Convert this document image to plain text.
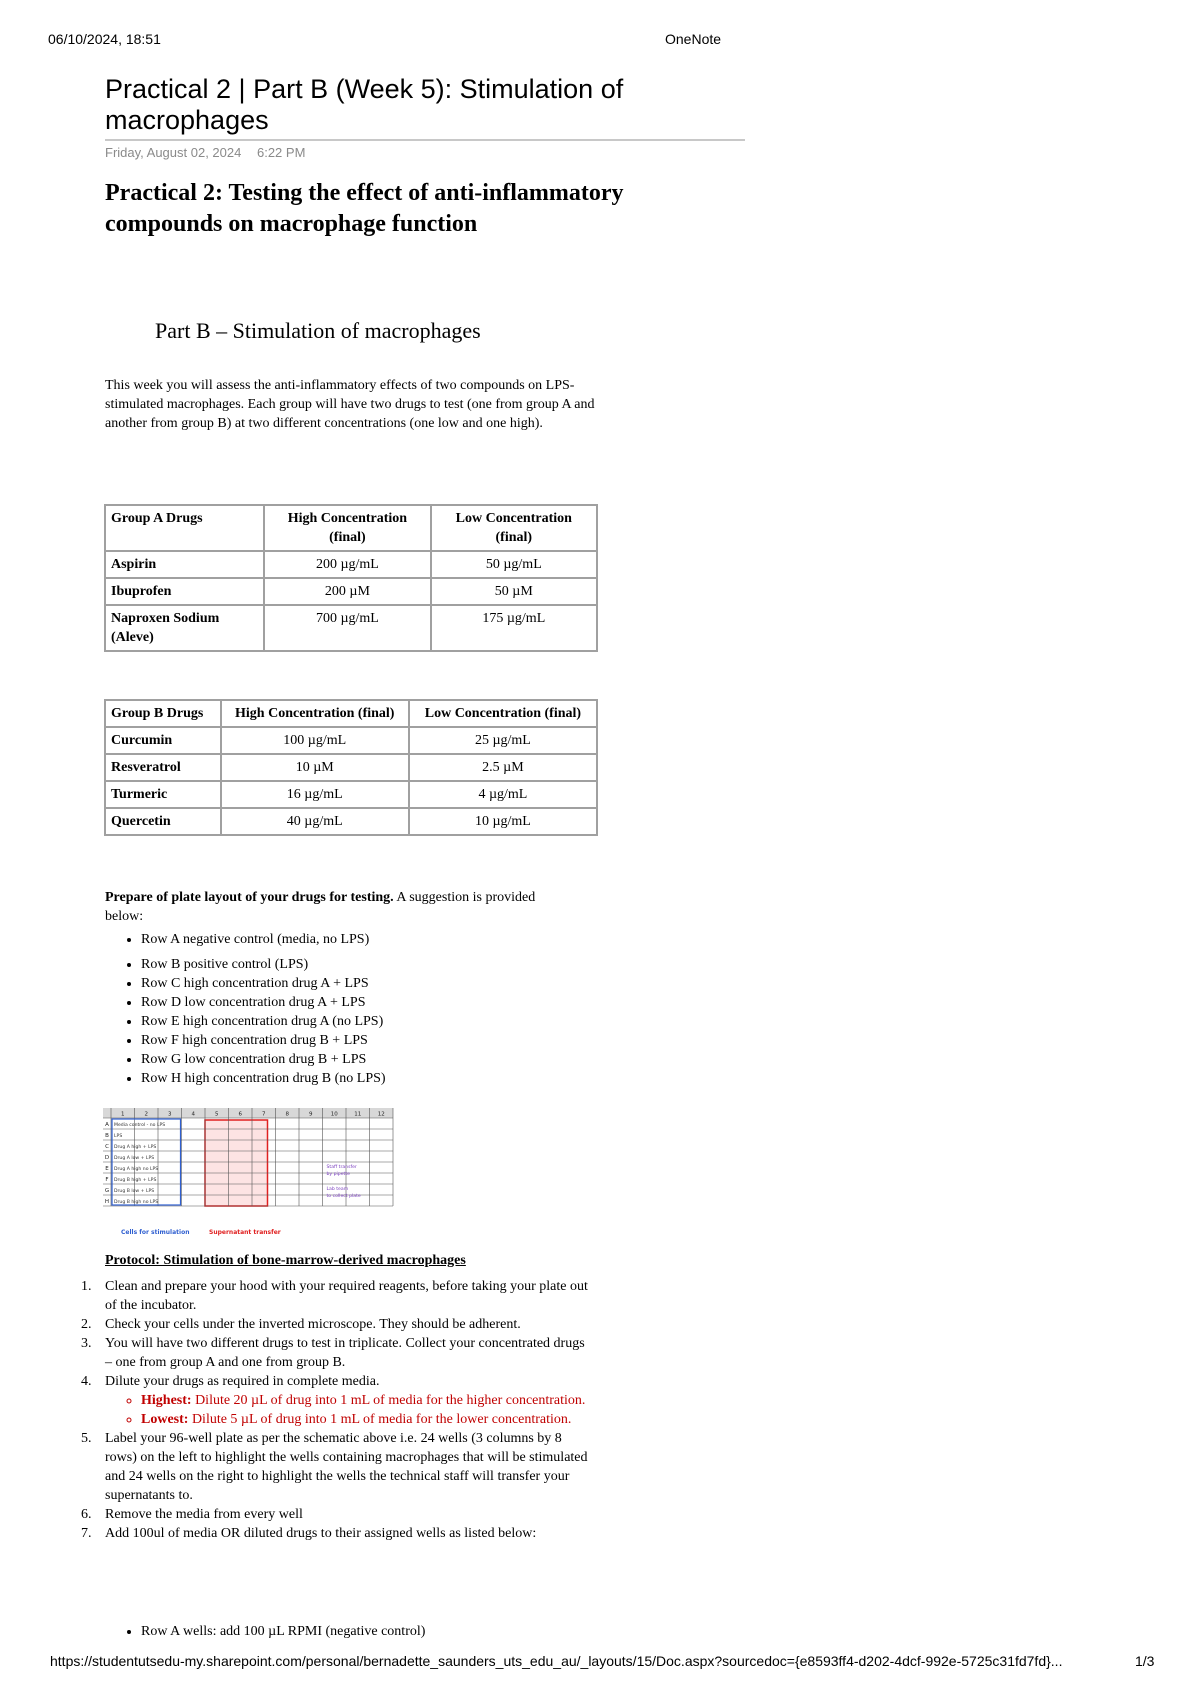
06/10/2024, 18:51	OneNote
Practical 2 | Part B (Week 5): Stimulation of macrophages
Friday, August 02, 2024 6:22 PM
Practical 2: Testing the effect of anti-inflammatory compounds on macrophage function
Part B – Stimulation of macrophages
This week you will assess the anti-inflammatory effects of two compounds on LPS-stimulated macrophages. Each group will have two drugs to test (one from group A and another from group B) at two different concentrations (one low and one high).
Group A Drugs	High Concentration (final)	Low Concentration (final)
Aspirin	200 µg/mL	50 µg/mL
Ibuprofen	200 µM	50 µM
Naproxen Sodium (Aleve)	700 µg/mL	175 µg/mL
Group B Drugs	High Concentration (final)	Low Concentration (final)
Curcumin	100 µg/mL	25 µg/mL
Resveratrol	10 µM	2.5 µM
Turmeric	16 µg/mL	4 µg/mL
Quercetin	40 µg/mL	10 µg/mL
Prepare of plate layout of your drugs for testing. A suggestion is provided below:
• Row A negative control (media, no LPS)
• Row B positive control (LPS)
• Row C high concentration drug A + LPS
• Row D low concentration drug A + LPS
• Row E high concentration drug A (no LPS)
• Row F high concentration drug B + LPS
• Row G low concentration drug B + LPS
• Row H high concentration drug B (no LPS)
1	2	3	4	5	6	7	8	9	10	11	12
A Media control - no LPS
B LPS
C Drug A high + LPS
D Drug A low + LPS
E Drug A high no LPS
F Drug B high + LPS
G Drug B low + LPS
H Drug B high no LPS
Staff transfer
by pipette
Lab team
to collect plate
Cells for stimulation	Supernatant transfer
Protocol: Stimulation of bone-marrow-derived macrophages
1. Clean and prepare your hood with your required reagents, before taking your plate out of the incubator.
2. Check your cells under the inverted microscope. They should be adherent.
3. You will have two different drugs to test in triplicate. Collect your concentrated drugs – one from group A and one from group B.
4. Dilute your drugs as required in complete media.
◦ Highest: Dilute 20 µL of drug into 1 mL of media for the higher concentration.
◦ Lowest: Dilute 5 µL of drug into 1 mL of media for the lower concentration.
5. Label your 96-well plate as per the schematic above i.e. 24 wells (3 columns by 8 rows) on the left to highlight the wells containing macrophages that will be stimulated and 24 wells on the right to highlight the wells the technical staff will transfer your supernatants to.
6. Remove the media from every well
7. Add 100ul of media OR diluted drugs to their assigned wells as listed below:
• Row A wells: add 100 µL RPMI (negative control)
https://studentutsedu-my.sharepoint.com/personal/bernadette_saunders_uts_edu_au/_layouts/15/Doc.aspx?sourcedoc={e8593ff4-d202-4dcf-992e-5725c31fd7fd}...	1/3
